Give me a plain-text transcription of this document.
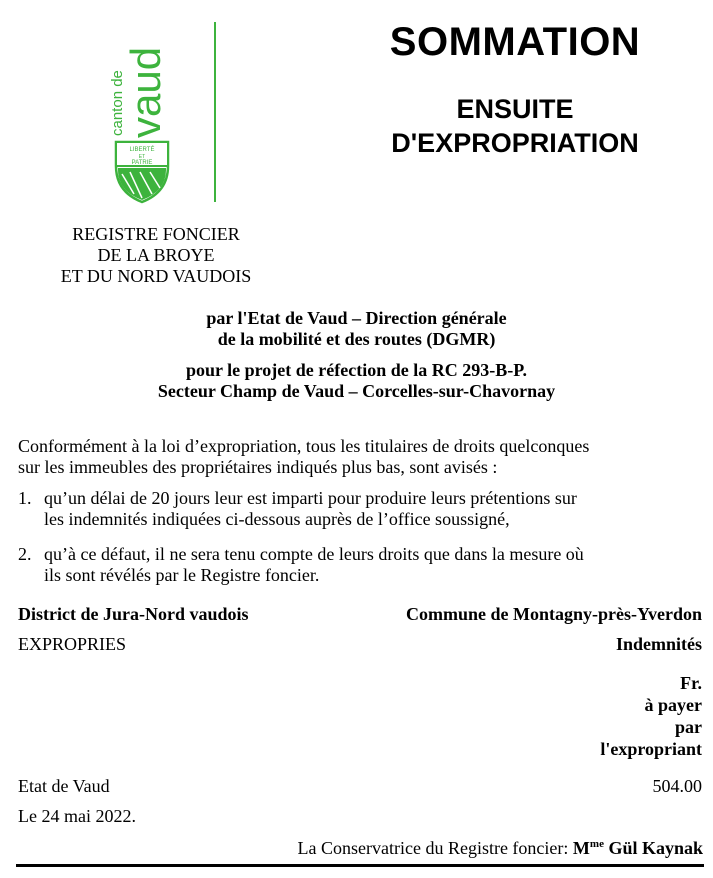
canton de
vaud
LIBERTÉ
ET
PATRIE
SOMMATION
ENSUITE
D'EXPROPRIATION
REGISTRE FONCIER
DE LA BROYE
ET DU NORD VAUDOIS
par l'Etat de Vaud – Direction générale
de la mobilité et des routes (DGMR)
pour le projet de réfection de la RC 293-B-P.
Secteur Champ de Vaud – Corcelles-sur-Chavornay
Conformément à la loi d’expropriation, tous les titulaires de droits quelconques
sur les immeubles des propriétaires indiqués plus bas, sont avisés :
1. qu’un délai de 20 jours leur est imparti pour produire leurs prétentions sur
les indemnités indiquées ci-dessous auprès de l’office soussigné,
2. qu’à ce défaut, il ne sera tenu compte de leurs droits que dans la mesure où
ils sont révélés par le Registre foncier.
District de Jura-Nord vaudois	Commune de Montagny-près-Yverdon
EXPROPRIES	Indemnités
Fr.
à payer
par
l'expropriant
Etat de Vaud	504.00
Le 24 mai 2022.
La Conservatrice du Registre foncier: $M^{me}$ Gül Kaynak
